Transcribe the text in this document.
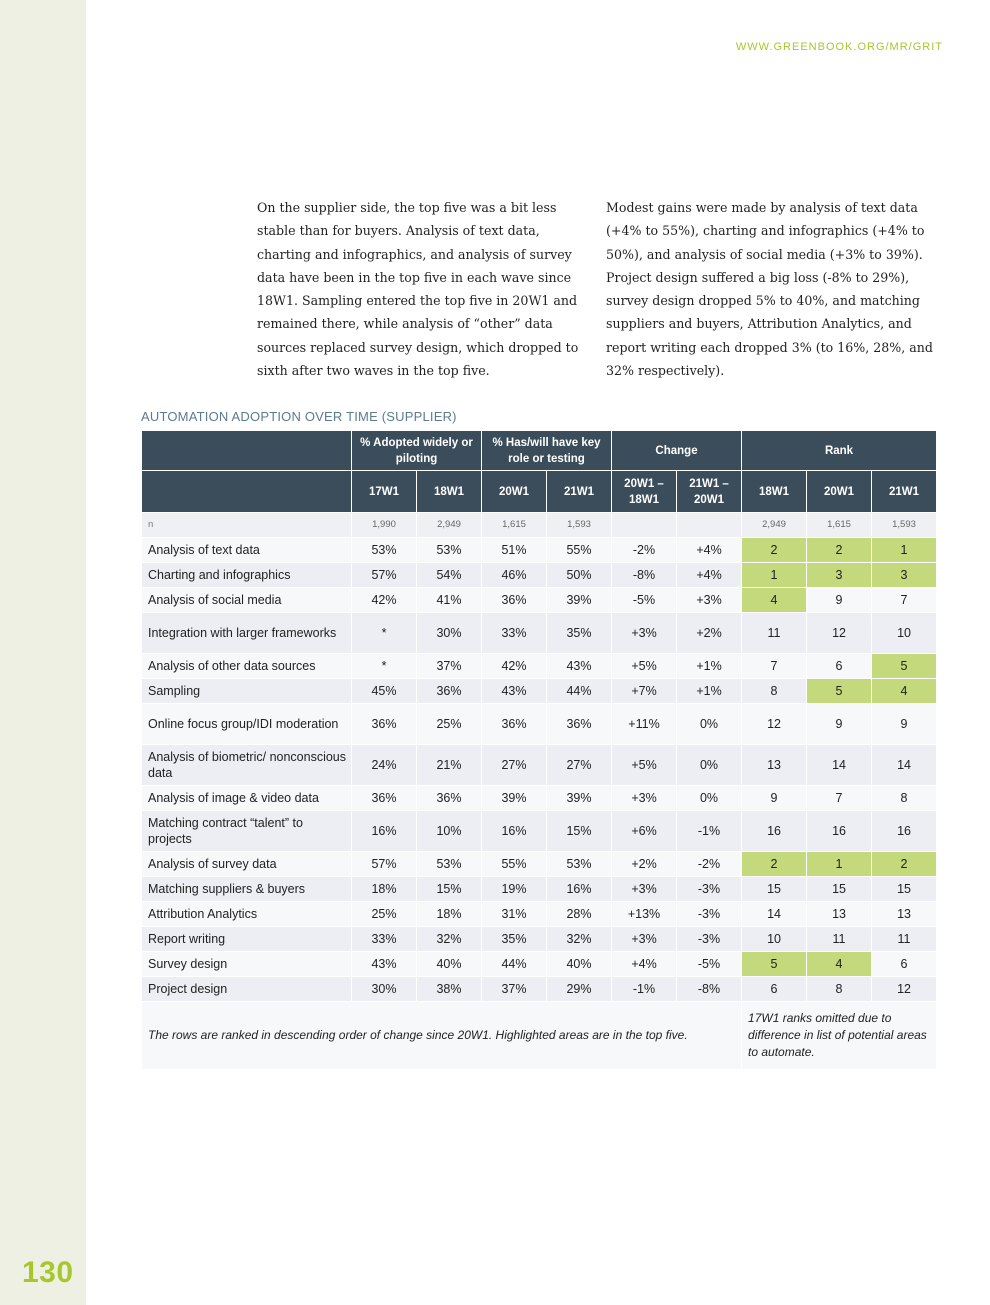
130
WWW.GREENBOOK.ORG/MR/GRIT
On the supplier side, the top five was a bit less stable than for buyers. Analysis of text data, charting and infographics, and analysis of survey data have been in the top five in each wave since 18W1. Sampling entered the top five in 20W1 and remained there, while analysis of “other” data sources replaced survey design, which dropped to sixth after two waves in the top five.
Modest gains were made by analysis of text data (+4% to 55%), charting and infographics (+4% to 50%), and analysis of social media (+3% to 39%). Project design suffered a big loss (-8% to 29%), survey design dropped 5% to 40%, and matching suppliers and buyers, Attribution Analytics, and report writing each dropped 3% (to 16%, 28%, and 32% respectively).
AUTOMATION ADOPTION OVER TIME (SUPPLIER)
	% Adopted widely or piloting		% Has/will have key role or testing		Change		Rank		
	17W1	18W1	20W1	21W1	20W1 – 18W1	21W1 – 20W1	18W1	20W1	21W1
n	1,990	2,949	1,615	1,593			2,949	1,615	1,593
Analysis of text data	53%	53%	51%	55%	-2%	+4%	2	2	1
Charting and infographics	57%	54%	46%	50%	-8%	+4%	1	3	3
Analysis of social media	42%	41%	36%	39%	-5%	+3%	4	9	7
Integration with larger frameworks	*	30%	33%	35%	+3%	+2%	11	12	10
Analysis of other data sources	*	37%	42%	43%	+5%	+1%	7	6	5
Sampling	45%	36%	43%	44%	+7%	+1%	8	5	4
Online focus group/IDI moderation	36%	25%	36%	36%	+11%	0%	12	9	9
Analysis of biometric/ nonconscious data	24%	21%	27%	27%	+5%	0%	13	14	14
Analysis of image & video data	36%	36%	39%	39%	+3%	0%	9	7	8
Matching contract “talent” to projects	16%	10%	16%	15%	+6%	-1%	16	16	16
Analysis of survey data	57%	53%	55%	53%	+2%	-2%	2	1	2
Matching suppliers & buyers	18%	15%	19%	16%	+3%	-3%	15	15	15
Attribution Analytics	25%	18%	31%	28%	+13%	-3%	14	13	13
Report writing	33%	32%	35%	32%	+3%	-3%	10	11	11
Survey design	43%	40%	44%	40%	+4%	-5%	5	4	6
Project design	30%	38%	37%	29%	-1%	-8%	6	8	12
The rows are ranked in descending order of change since 20W1. Highlighted areas are in the top five.							17W1 ranks omitted due to difference in list of potential areas to automate.		
